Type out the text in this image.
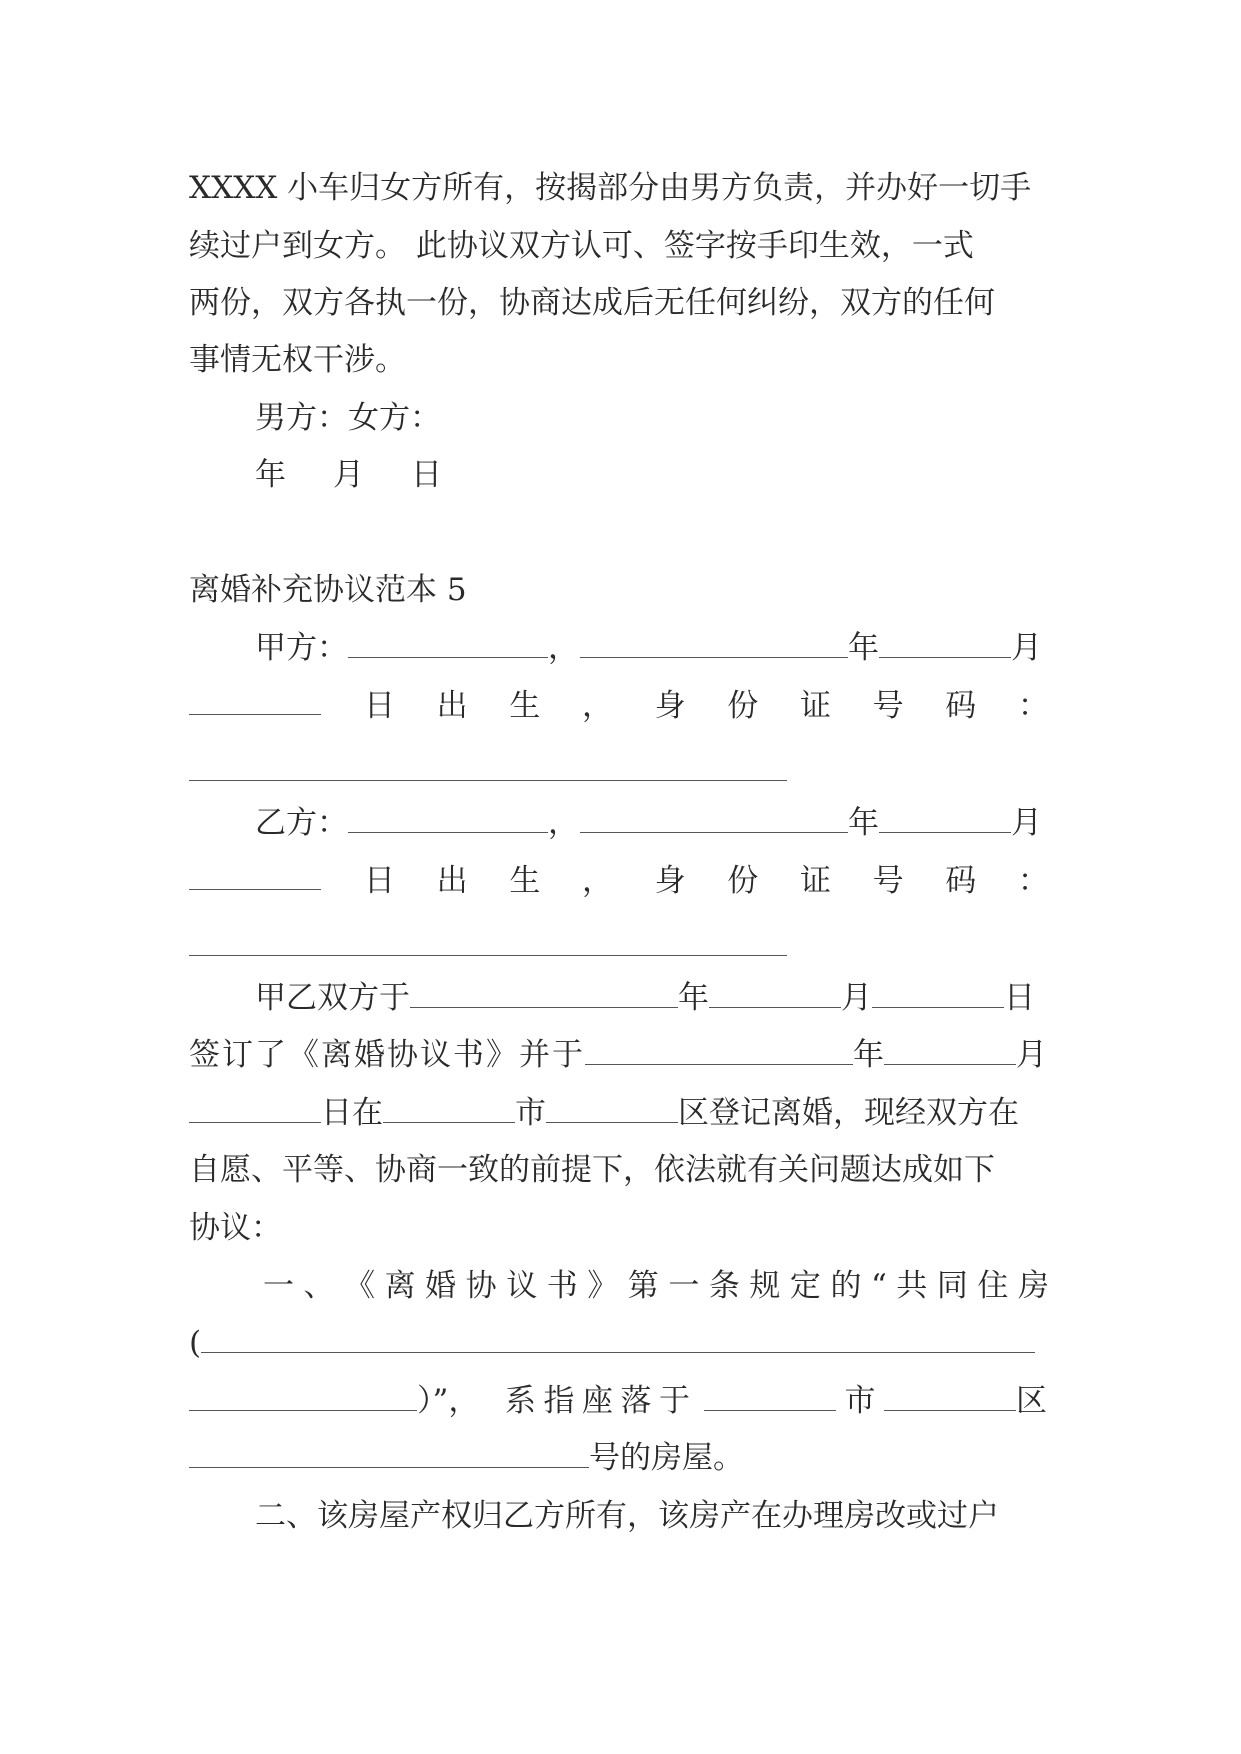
XXXX 小车归女方所有，按揭部分由男方负责，并办好一切手
续过户到女方。 此协议双方认可、签字按手印生效，一式
两份，双方各执一份，协商达成后无任何纠纷，双方的任何
事情无权干涉。
男方：女方：
年　月　日
离婚补充协议范本 5
甲方：	，	年	月
日 出 生 ， 身 份 证 号 码 ：
乙方：	，	年	月
日 出 生 ， 身 份 证 号 码 ：
甲乙双方于	年	月	日
签订了《离婚协议书》并于	年	月
日在	市	区登记离婚，现经双方在
自愿、平等、协商一致的前提下，依法就有关问题达成如下
协议：
一 、 《 离 婚 协 议 书 》 第 一 条 规 定 的 “ 共 同 住 房
(
）”， 系 指 座 落 于	市	区
号的房屋。
二、该房屋产权归乙方所有，该房产在办理房改或过户
